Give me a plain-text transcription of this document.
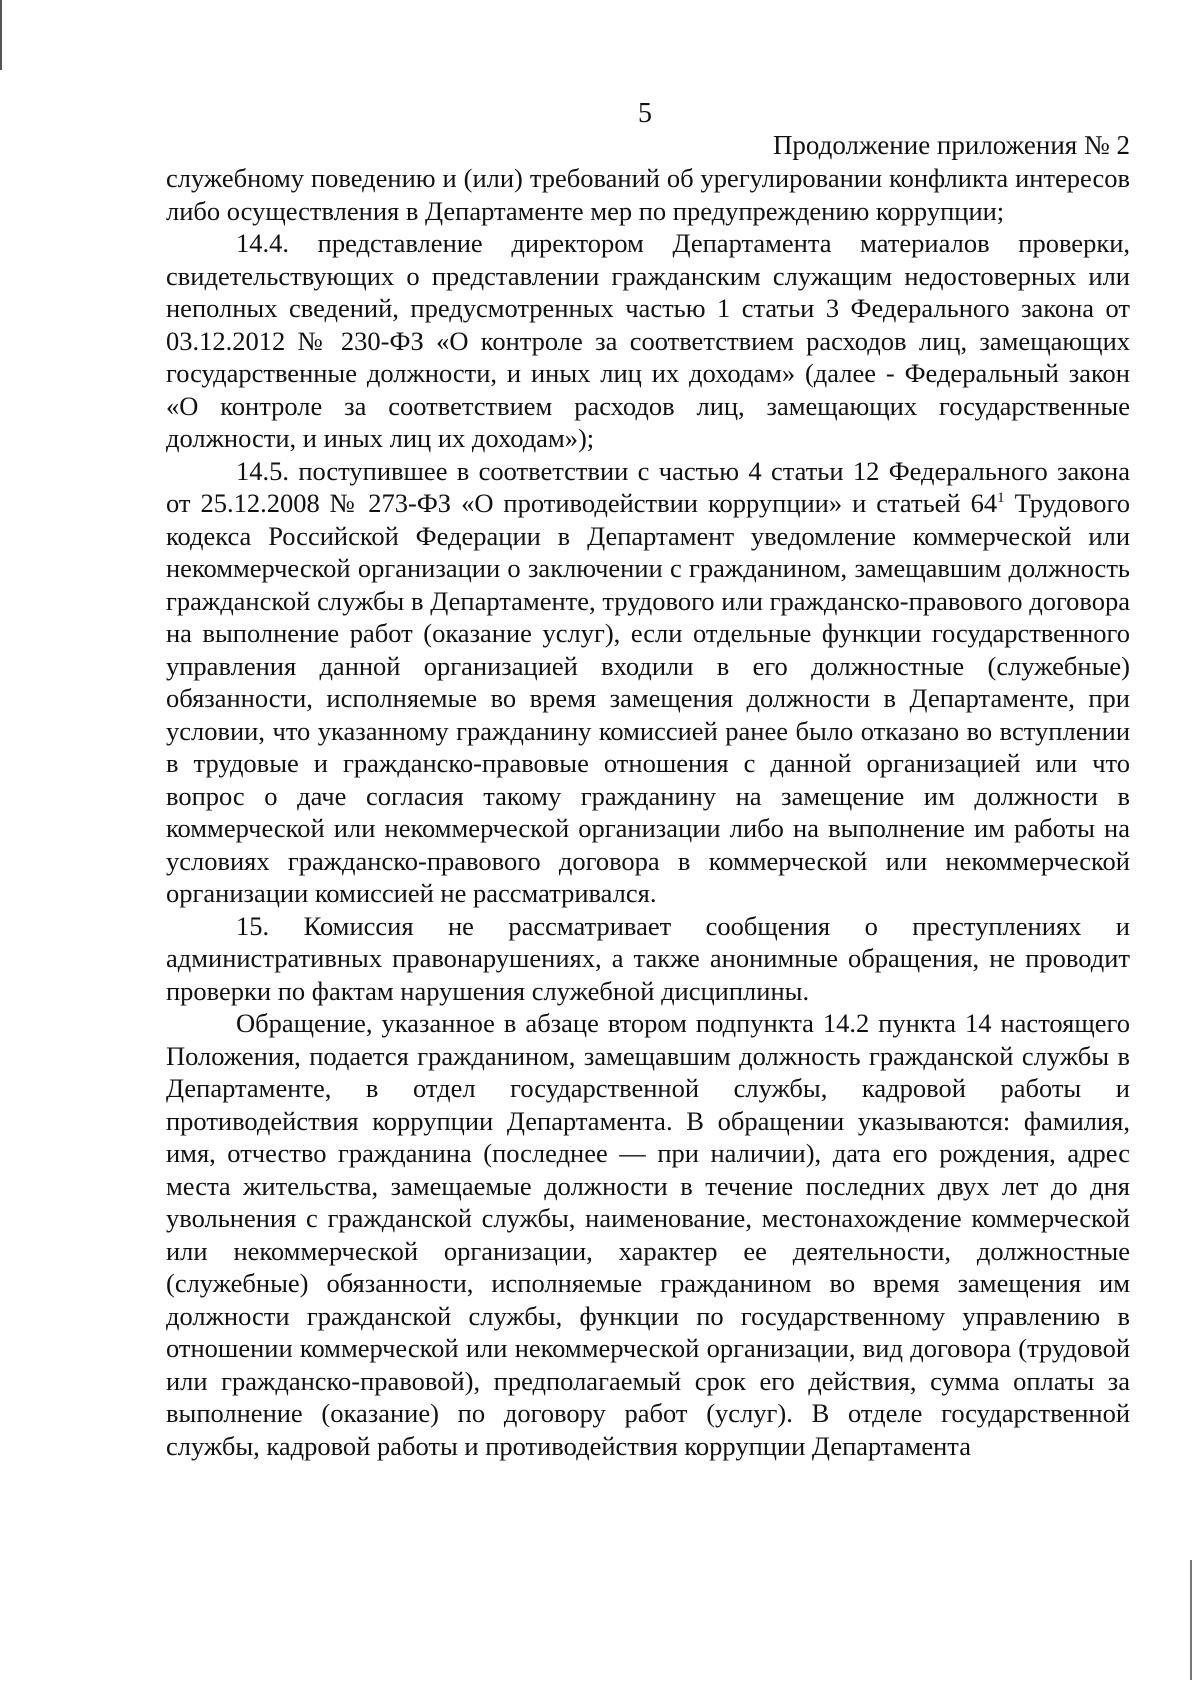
5
Продолжение приложения № 2

служебному поведению и (или) требований об урегулировании конфликта интересов либо осуществления в Департаменте мер по предупреждению коррупции;

14.4. представление директором Департамента материалов проверки, свидетельствующих о представлении гражданским служащим недостоверных или неполных сведений, предусмотренных частью 1 статьи 3 Федерального закона от 03.12.2012 № 230-ФЗ «О контроле за соответствием расходов лиц, замещающих государственные должности, и иных лиц их доходам» (далее - Федеральный закон «О контроле за соответствием расходов лиц, замещающих государственные должности, и иных лиц их доходам»);

14.5. поступившее в соответствии с частью 4 статьи 12 Федерального закона от 25.12.2008 № 273-ФЗ «О противодействии коррупции» и статьей $64^1$ Трудового кодекса Российской Федерации в Департамент уведомление коммерческой или некоммерческой организации о заключении с гражданином, замещавшим должность гражданской службы в Департаменте, трудового или гражданско-правового договора на выполнение работ (оказание услуг), если отдельные функции государственного управления данной организацией входили в его должностные (служебные) обязанности, исполняемые во время замещения должности в Департаменте, при условии, что указанному гражданину комиссией ранее было отказано во вступлении в трудовые и гражданско-правовые отношения с данной организацией или что вопрос о даче согласия такому гражданину на замещение им должности в коммерческой или некоммерческой организации либо на выполнение им работы на условиях гражданско-правового договора в коммерческой или некоммерческой организации комиссией не рассматривался.

15. Комиссия не рассматривает сообщения о преступлениях и административных правонарушениях, а также анонимные обращения, не проводит проверки по фактам нарушения служебной дисциплины.

Обращение, указанное в абзаце втором подпункта 14.2 пункта 14 настоящего Положения, подается гражданином, замещавшим должность гражданской службы в Департаменте, в отдел государственной службы, кадровой работы и противодействия коррупции Департамента. В обращении указываются: фамилия, имя, отчество гражданина (последнее — при наличии), дата его рождения, адрес места жительства, замещаемые должности в течение последних двух лет до дня увольнения с гражданской службы, наименование, местонахождение коммерческой или некоммерческой организации, характер ее деятельности, должностные (служебные) обязанности, исполняемые гражданином во время замещения им должности гражданской службы, функции по государственному управлению в отношении коммерческой или некоммерческой организации, вид договора (трудовой или гражданско-правовой), предполагаемый срок его действия, сумма оплаты за выполнение (оказание) по договору работ (услуг). В отделе государственной службы, кадровой работы и противодействия коррупции Департамента
